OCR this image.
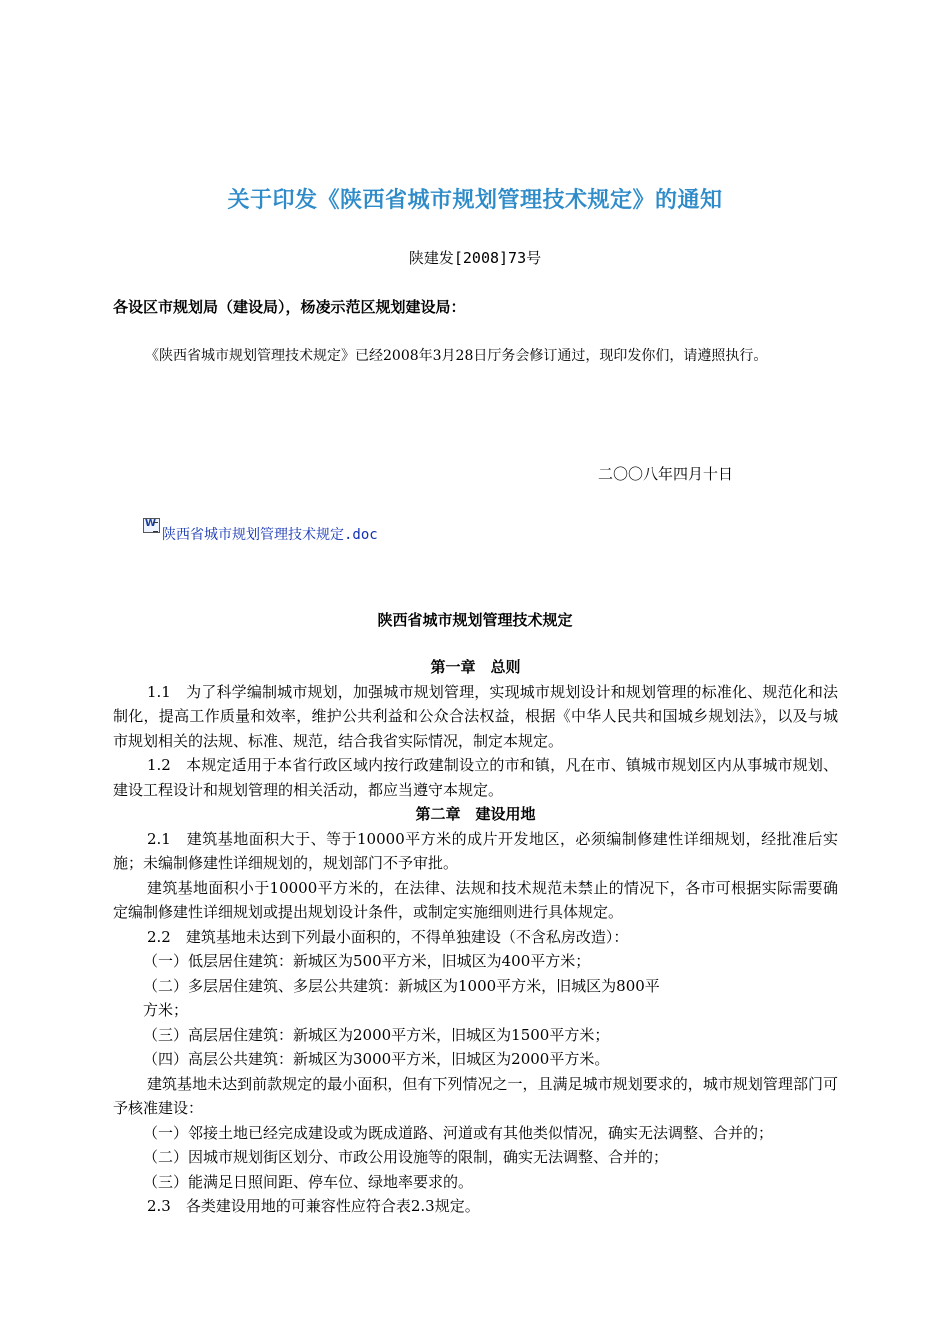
关于印发《陕西省城市规划管理技术规定》的通知
陕建发[2008]73号
各设区市规划局（建设局），杨凌示范区规划建设局：
《陕西省城市规划管理技术规定》已经2008年3月28日厅务会修订通过，现印发你们，请遵照执行。
二〇〇八年四月十日
W
陕西省城市规划管理技术规定.doc
陕西省城市规划管理技术规定
第一章　总则

1.1　为了科学编制城市规划，加强城市规划管理，实现城市规划设计和规划管理的标准化、规范化和法制化，提高工作质量和效率，维护公共利益和公众合法权益，根据《中华人民共和国城乡规划法》，以及与城市规划相关的法规、标准、规范，结合我省实际情况，制定本规定。

1.2　本规定适用于本省行政区域内按行政建制设立的市和镇，凡在市、镇城市规划区内从事城市规划、建设工程设计和规划管理的相关活动，都应当遵守本规定。

第二章　建设用地

2.1　建筑基地面积大于、等于10000平方米的成片开发地区，必须编制修建性详细规划，经批准后实施；未编制修建性详细规划的，规划部门不予审批。

建筑基地面积小于10000平方米的，在法律、法规和技术规范未禁止的情况下，各市可根据实际需要确定编制修建性详细规划或提出规划设计条件，或制定实施细则进行具体规定。

2.2　建筑基地未达到下列最小面积的，不得单独建设（不含私房改造）：

（一）低层居住建筑：新城区为500平方米，旧城区为400平方米；

（二）多层居住建筑、多层公共建筑：新城区为1000平方米，旧城区为800平

方米；

（三）高层居住建筑：新城区为2000平方米，旧城区为1500平方米；

（四）高层公共建筑：新城区为3000平方米，旧城区为2000平方米。

建筑基地未达到前款规定的最小面积，但有下列情况之一，且满足城市规划要求的，城市规划管理部门可予核准建设：

（一）邻接土地已经完成建设或为既成道路、河道或有其他类似情况，确实无法调整、合并的；

（二）因城市规划街区划分、市政公用设施等的限制，确实无法调整、合并的；

（三）能满足日照间距、停车位、绿地率要求的。

2.3　各类建设用地的可兼容性应符合表2.3规定。
